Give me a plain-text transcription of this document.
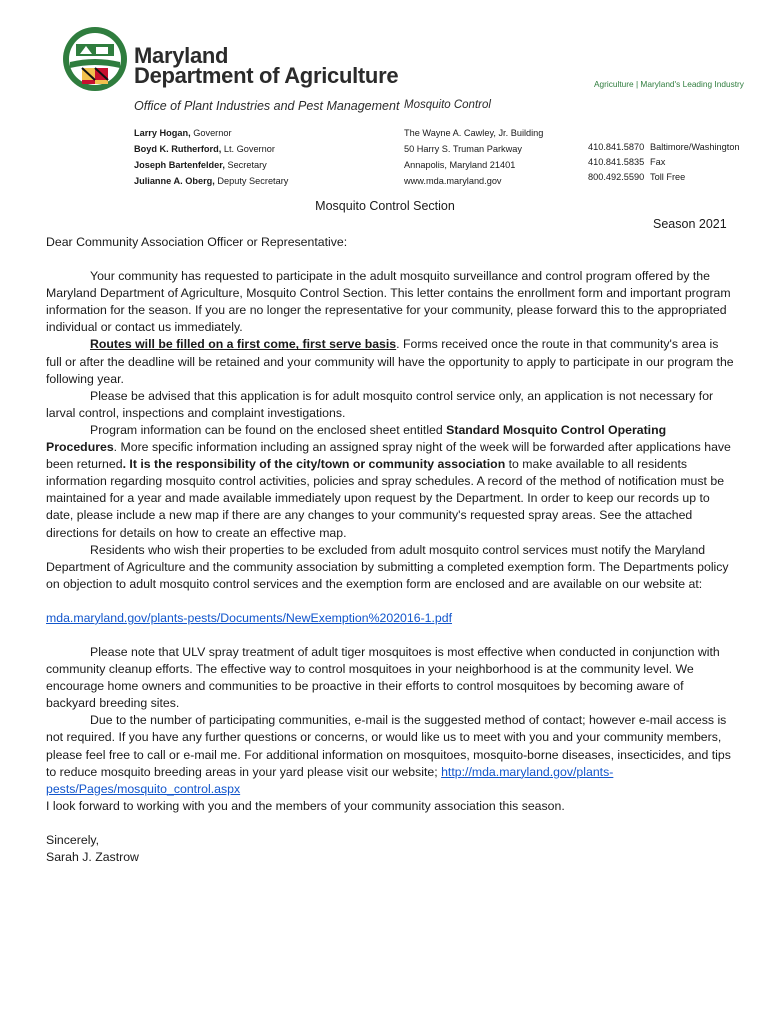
Maryland
Department of Agriculture	Agriculture | Maryland's Leading Industry
Office of Plant Industries and Pest Management Mosquito Control
Larry Hogan, Governor
Boyd K. Rutherford, Lt. Governor
Joseph Bartenfelder, Secretary
Julianne A. Oberg, Deputy Secretary
The Wayne A. Cawley, Jr. Building
50 Harry S. Truman Parkway
Annapolis, Maryland 21401
www.mda.maryland.gov
410.841.5870 Baltimore/Washington
410.841.5835 Fax
800.492.5590 Toll Free
Mosquito Control Section
Season 2021

Dear Community Association Officer or Representative:

Your community has requested to participate in the adult mosquito surveillance and control program offered by the Maryland Department of Agriculture, Mosquito Control Section. This letter contains the enrollment form and important program information for the season. If you are no longer the representative for your community, please forward this to the appropriated individual or contact us immediately.

Routes will be filled on a first come, first serve basis. Forms received once the route in that community's area is full or after the deadline will be retained and your community will have the opportunity to apply to participate in our program the following year.

Please be advised that this application is for adult mosquito control service only, an application is not necessary for larval control, inspections and complaint investigations.

Program information can be found on the enclosed sheet entitled Standard Mosquito Control Operating Procedures. More specific information including an assigned spray night of the week will be forwarded after applications have been returned. It is the responsibility of the city/town or community association to make available to all residents information regarding mosquito control activities, policies and spray schedules. A record of the method of notification must be maintained for a year and made available immediately upon request by the Department. In order to keep our records up to date, please include a new map if there are any changes to your community's requested spray areas. See the attached directions for details on how to create an effective map.

Residents who wish their properties to be excluded from adult mosquito control services must notify the Maryland Department of Agriculture and the community association by submitting a completed exemption form. The Departments policy on objection to adult mosquito control services and the exemption form are enclosed and are available on our website at:

mda.maryland.gov/plants-pests/Documents/NewExemption%202016-1.pdf

Please note that ULV spray treatment of adult tiger mosquitoes is most effective when conducted in conjunction with community cleanup efforts. The effective way to control mosquitoes in your neighborhood is at the community level. We encourage home owners and communities to be proactive in their efforts to control mosquitoes by becoming aware of backyard breeding sites.

Due to the number of participating communities, e-mail is the suggested method of contact; however e-mail access is not required. If you have any further questions or concerns, or would like us to meet with you and your community members, please feel free to call or e-mail me. For additional information on mosquitoes, mosquito-borne diseases, insecticides, and tips to reduce mosquito breeding areas in your yard please visit our website; http://mda.maryland.gov/plants-pests/Pages/mosquito_control.aspx

I look forward to working with you and the members of your community association this season.

Sincerely,

Sarah J. Zastrow
